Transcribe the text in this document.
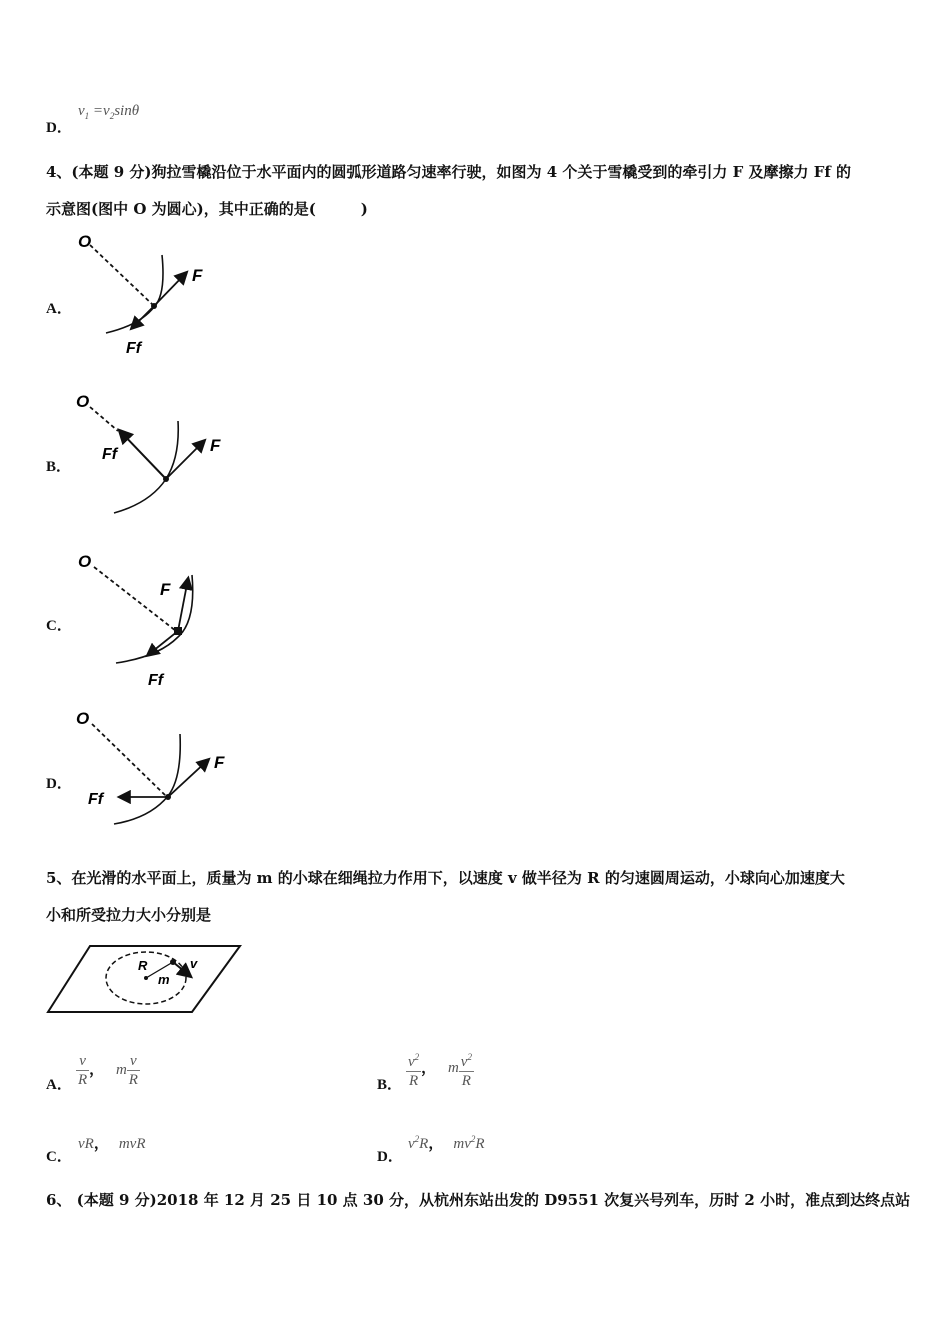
D．
$v_1 =v_2\sin\theta$
4、(本题 9 分)狗拉雪橇沿位于水平面内的圆弧形道路匀速率行驶，如图为 4 个关于雪橇受到的牵引力 F 及摩擦力 Ff 的
示意图(图中 O 为圆心)，其中正确的是(　　　)
A．
O
F
Ff
B．
O
Ff	F
C．
O
F
Ff
D．
O
F
Ff
5、在光滑的水平面上，质量为 m 的小球在细绳拉力作用下，以速度 v 做半径为 R 的匀速圆周运动，小球向心加速度大
小和所受拉力大小分别是
R	v
m
A． $\frac{v}{R}$ ， m $\frac{v}{R}$	B． $\frac{v^2}{R}$ ， m $\frac{v^2}{R}$
C．
vR， mvR
D．
$v^2R$， $mv^2R$
6、 (本题 9 分)2018 年 12 月 25 日 10 点 30 分，从杭州东站出发的 D9551 次复兴号列车，历时 2 小时，准点到达终点站
